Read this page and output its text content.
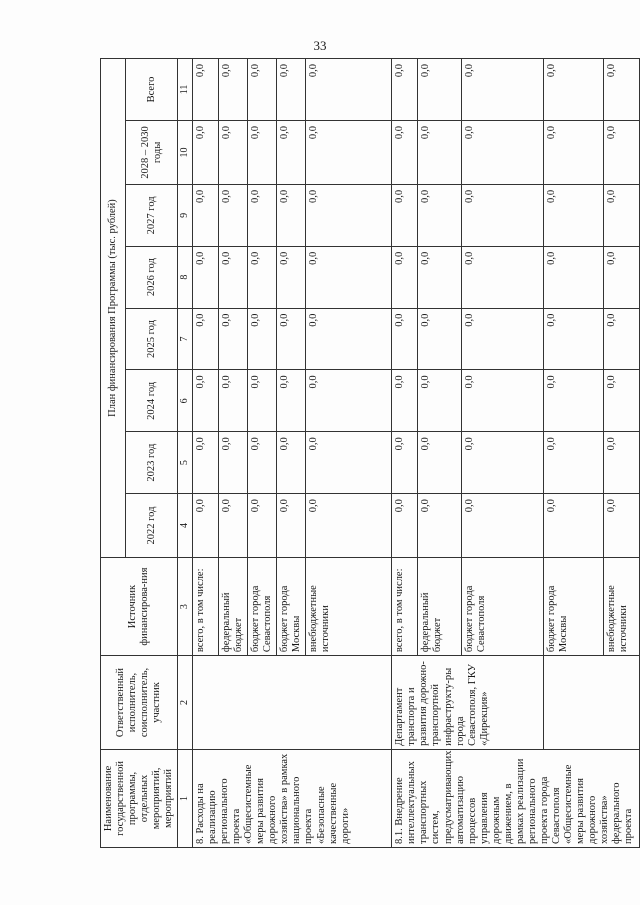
33
Наименование государственной программы, отдельных мероприятий, мероприятий	Ответственный исполнитель, соисполнитель, участник	Источник финансирова-ния	План финансирования Программы (тыс. рублей)							
			2022 год	2023 год	2024 год	2025 год	2026 год	2027 год	2028 – 2030 годы	Всего
1	2	3	4	5	6	7	8	9	10	11
8. Расходы на реализацию регионального проекта «Общесистемные меры развития дорожного хозяйства» в рамках национального проекта «Безопасные качественные дороги»		всего, в том числе:	0,0	0,0	0,0	0,0	0,0	0,0	0,0	0,0
		федеральный бюджет	0,0	0,0	0,0	0,0	0,0	0,0	0,0	0,0
		бюджет города Севастополя	0,0	0,0	0,0	0,0	0,0	0,0	0,0	0,0
		бюджет города Москвы	0,0	0,0	0,0	0,0	0,0	0,0	0,0	0,0
		внебюджетные источники	0,0	0,0	0,0	0,0	0,0	0,0	0,0	0,0
8.1. Внедрение интеллектуальных транспортных систем, предусматривающих автоматизацию процессов управления дорожным движением, в рамках реализации регионального проекта города Севастополя «Общесистемные меры развития дорожного хозяйства» федерального проекта	Департамент транспорта и развития дорожно-транспортной инфраструкту-ры города Севастополя, ГКУ «Дирекция»	всего, в том числе:	0,0	0,0	0,0	0,0	0,0	0,0	0,0	0,0
		федеральный бюджет	0,0	0,0	0,0	0,0	0,0	0,0	0,0	0,0
		бюджет города Севастополя	0,0	0,0	0,0	0,0	0,0	0,0	0,0	0,0
		бюджет города Москвы	0,0	0,0	0,0	0,0	0,0	0,0	0,0	0,0
		внебюджетные источники	0,0	0,0	0,0	0,0	0,0	0,0	0,0	0,0
